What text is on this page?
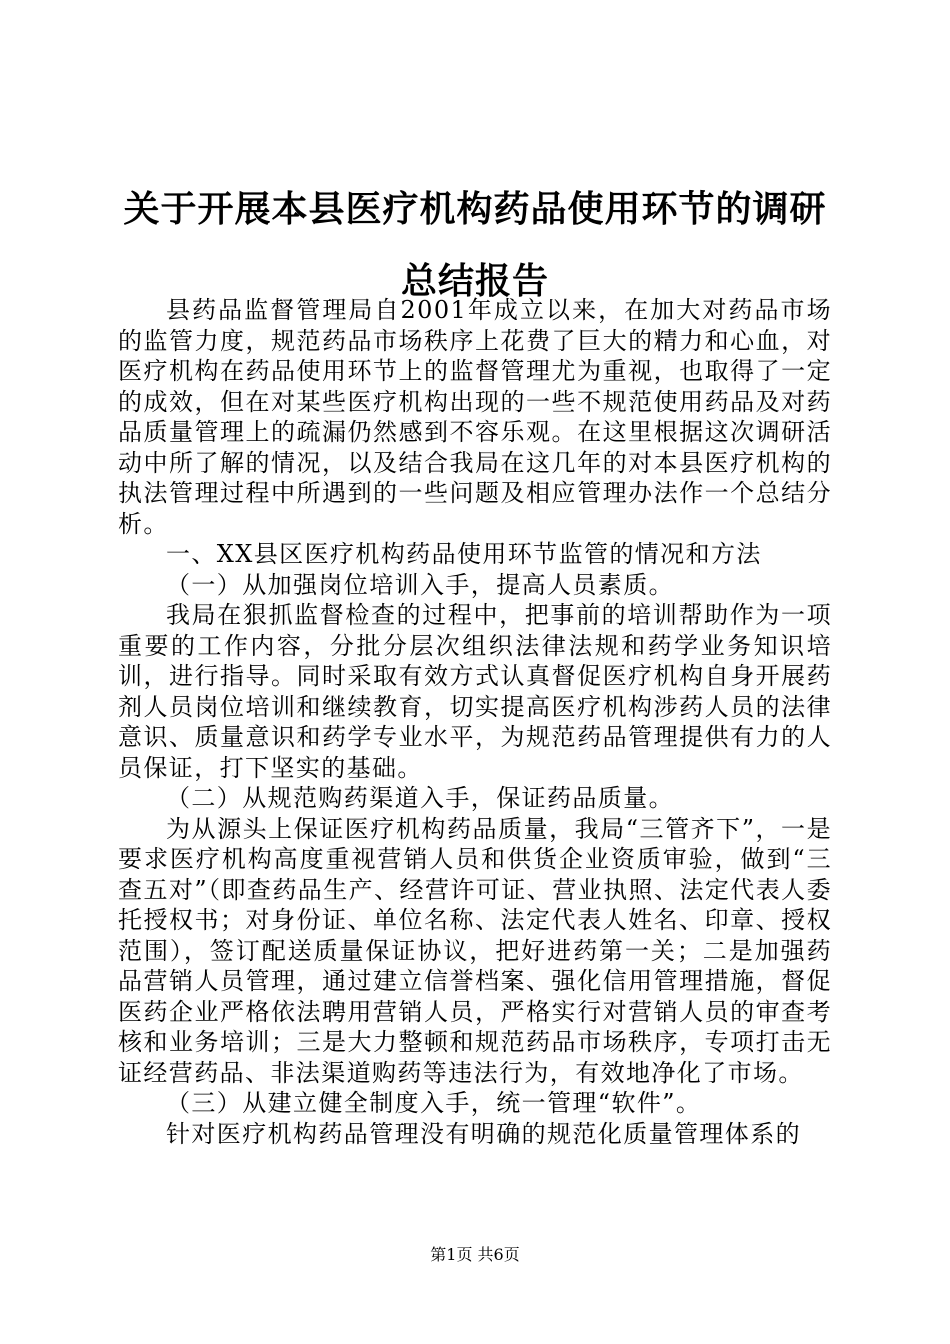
关于开展本县医疗机构药品使用环节的调研总结报告

县药品监督管理局自2001年成立以来，在加大对药品市场的监管力度，规范药品市场秩序上花费了巨大的精力和心血，对医疗机构在药品使用环节上的监督管理尤为重视，也取得了一定的成效，但在对某些医疗机构出现的一些不规范使用药品及对药品质量管理上的疏漏仍然感到不容乐观。在这里根据这次调研活动中所了解的情况，以及结合我局在这几年的对本县医疗机构的执法管理过程中所遇到的一些问题及相应管理办法作一个总结分析。

一、XX县区医疗机构药品使用环节监管的情况和方法

（一）从加强岗位培训入手，提高人员素质。

我局在狠抓监督检查的过程中，把事前的培训帮助作为一项重要的工作内容，分批分层次组织法律法规和药学业务知识培训，进行指导。同时采取有效方式认真督促医疗机构自身开展药剂人员岗位培训和继续教育，切实提高医疗机构涉药人员的法律意识、质量意识和药学专业水平，为规范药品管理提供有力的人员保证，打下坚实的基础。

（二）从规范购药渠道入手，保证药品质量。

为从源头上保证医疗机构药品质量，我局“三管齐下”，一是要求医疗机构高度重视营销人员和供货企业资质审验，做到“三查五对”（即查药品生产、经营许可证、营业执照、法定代表人委托授权书；对身份证、单位名称、法定代表人姓名、印章、授权范围），签订配送质量保证协议，把好进药第一关；二是加强药品营销人员管理，通过建立信誉档案、强化信用管理措施，督促医药企业严格依法聘用营销人员，严格实行对营销人员的审查考核和业务培训；三是大力整顿和规范药品市场秩序，专项打击无证经营药品、非法渠道购药等违法行为，有效地净化了市场。

（三）从建立健全制度入手，统一管理“软件”。

针对医疗机构药品管理没有明确的规范化质量管理体系的

第1页 共6页
